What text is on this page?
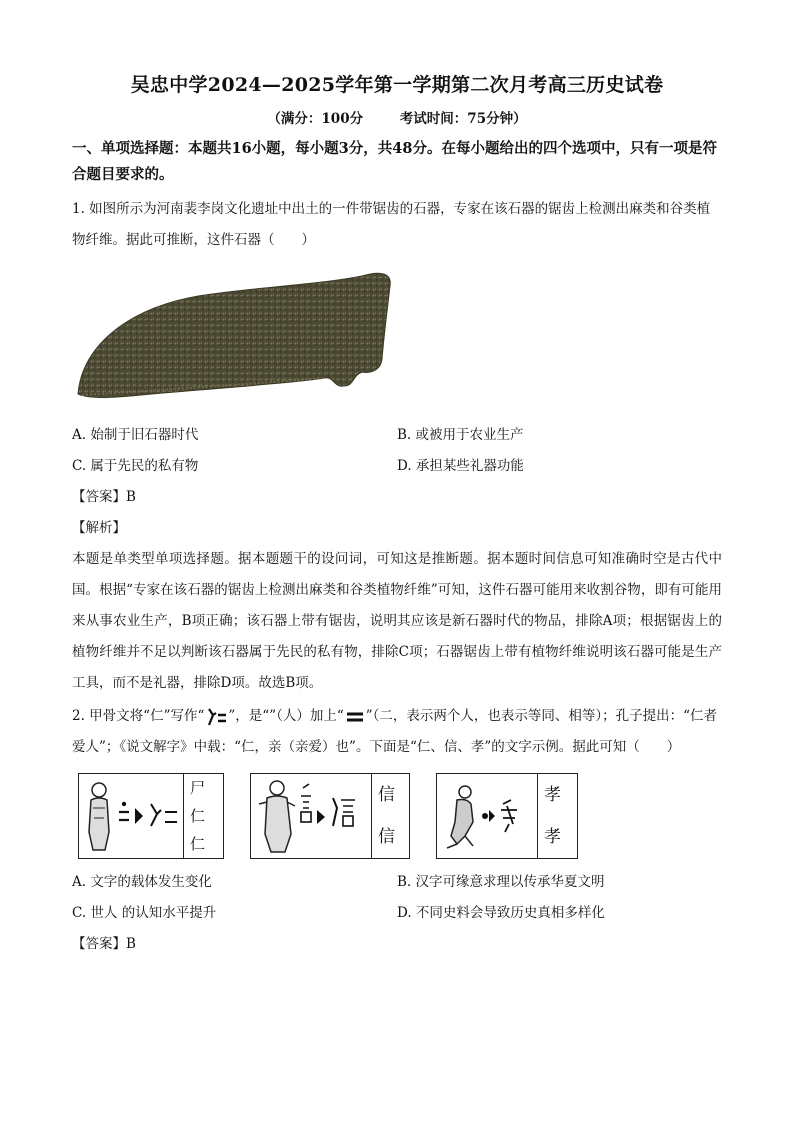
吴忠中学2024—2025学年第一学期第二次月考高三历史试卷
（满分：100分	考试时间：75分钟）
一、单项选择题：本题共16小题，每小题3分，共48分。在每小题给出的四个选项中，只有一项是符合题目要求的。

1. 如图所示为河南裴李岗文化遗址中出土的一件带锯齿的石器，专家在该石器的锯齿上检测出麻类和谷类植物纤维。据此可推断，这件石器（　　）

A. 始制于旧石器时代	B. 或被用于农业生产
C. 属于先民的私有物	D. 承担某些礼器功能
【答案】B
【解析】
本题是单类型单项选择题。据本题题干的设问词，可知这是推断题。据本题时间信息可知准确时空是古代中国。根据“专家在该石器的锯齿上检测出麻类和谷类植物纤维”可知，这件石器可能用来收割谷物，即有可能用来从事农业生产，B项正确；该石器上带有锯齿，说明其应该是新石器时代的物品，排除A项；根据锯齿上的植物纤维并不足以判断该石器属于先民的私有物，排除C项；石器锯齿上带有植物纤维说明该石器可能是生产工具，而不是礼器，排除D项。故选B项。

2. 甲骨文将“仁”写作“ ”，是“”（人）加上“ ”（二，表示两个人，也表示等同、相等）；孔子提出：“仁者爱人”；《说文解字》中载：“仁，亲（亲爱）也”。下面是“仁、信、孝”的文字示例。据此可知（　　）

尸
仁
仁
信
信
孝
孝
A. 文字的载体发生变化	B. 汉字可缘意求理以传承华夏文明
C. 世人 的认知水平提升	D. 不同史料会导致历史真相多样化
【答案】B
